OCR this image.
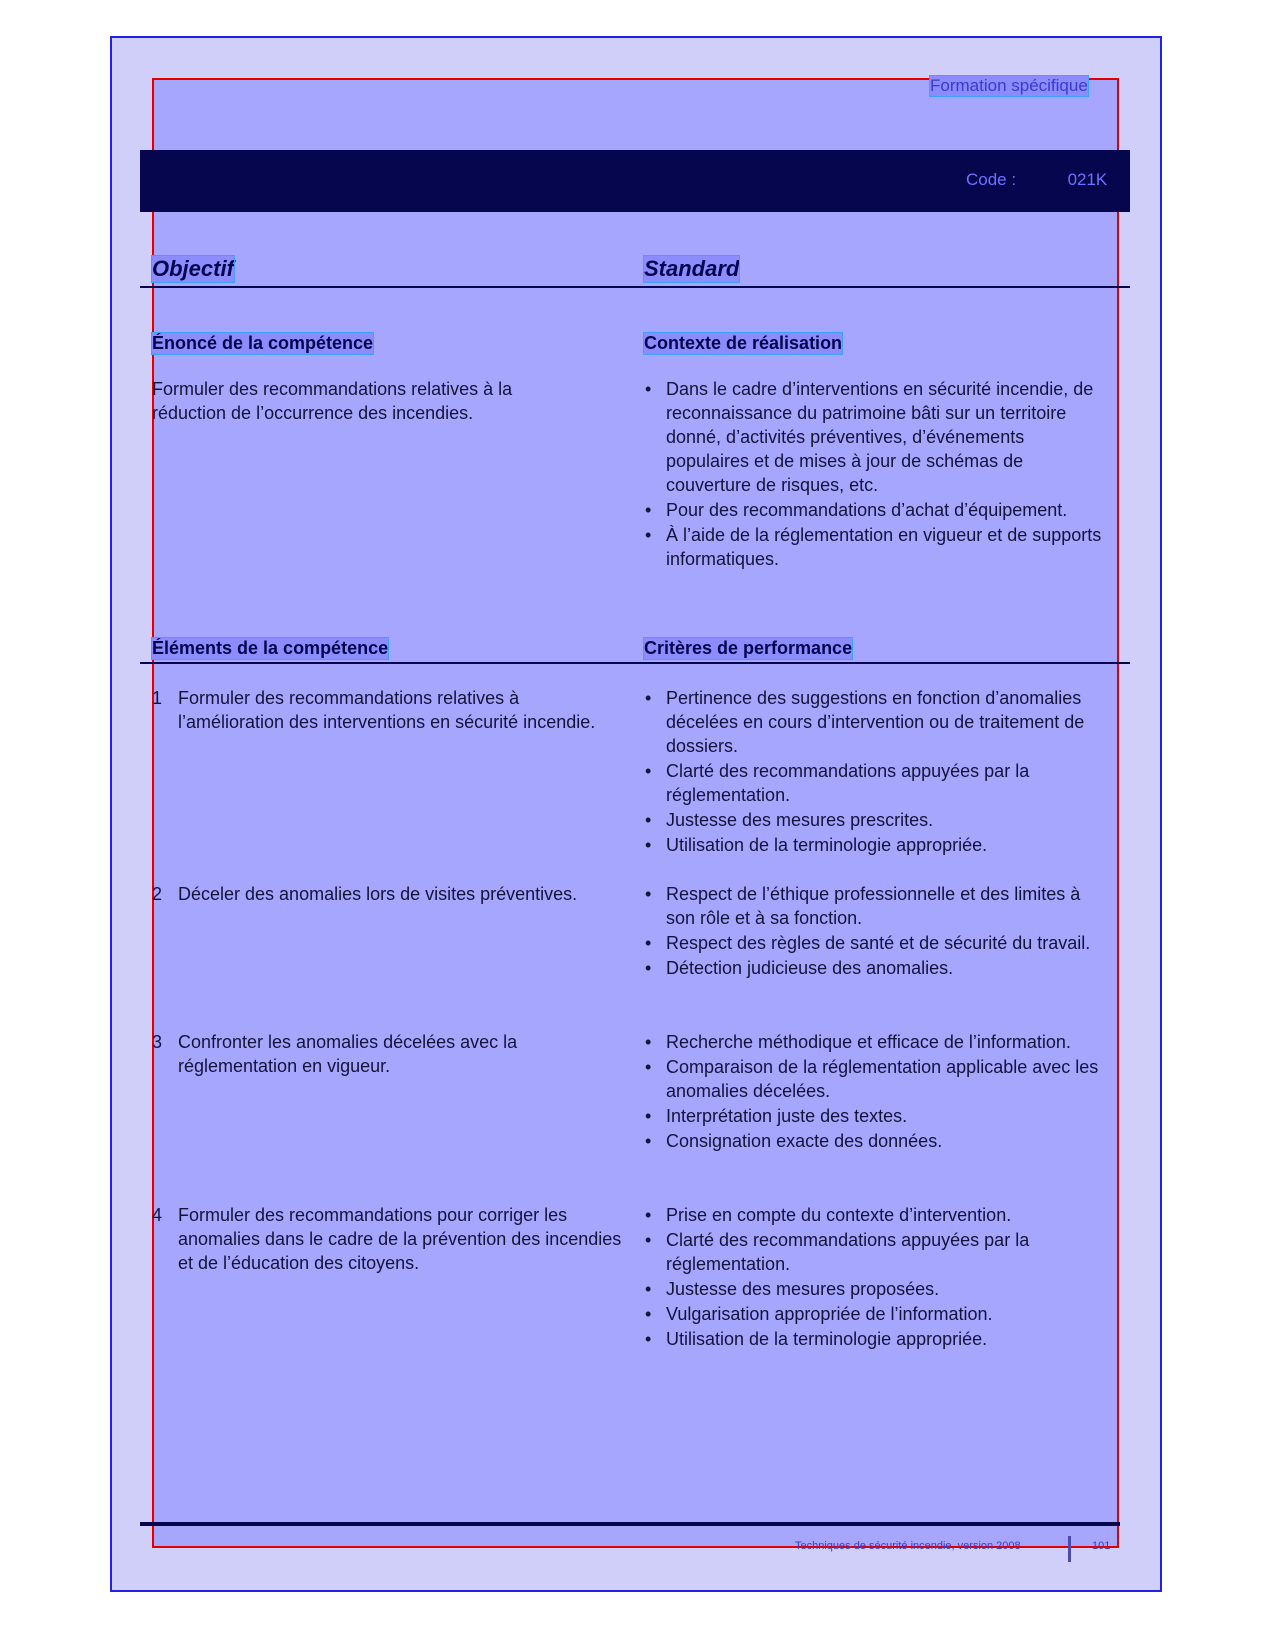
Formation spécifique
Code :	021K
Objectif	Standard
Énoncé de la compétence
Formuler des recommandations relatives à la réduction de l’occurrence des incendies.
Contexte de réalisation
• Dans le cadre d’interventions en sécurité incendie, de reconnaissance du patrimoine bâti sur un territoire donné, d’activités préventives, d’événements populaires et de mises à jour de schémas de couverture de risques, etc.
• Pour des recommandations d’achat d’équipement.
• À l’aide de la réglementation en vigueur et de supports informatiques.
Éléments de la compétence	Critères de performance
1 Formuler des recommandations relatives à l’amélioration des interventions en sécurité incendie.
• Pertinence des suggestions en fonction d’anomalies décelées en cours d’intervention ou de traitement de dossiers.
• Clarté des recommandations appuyées par la réglementation.
• Justesse des mesures prescrites.
• Utilisation de la terminologie appropriée.
2 Déceler des anomalies lors de visites préventives.
•	Respect de l’éthique professionnelle et des limites à son rôle et à sa fonction.
• Respect des règles de santé et de sécurité du travail.
• Détection judicieuse des anomalies.
3 Confronter les anomalies décelées avec la réglementation en vigueur.
• Recherche méthodique et efficace de l’information.
• Comparaison de la réglementation applicable avec les anomalies décelées.
• Interprétation juste des textes.
• Consignation exacte des données.
4 Formuler des recommandations pour corriger les anomalies dans le cadre de la prévention des incendies et de l’éducation des citoyens.
• Prise en compte du contexte d’intervention.
• Clarté des recommandations appuyées par la réglementation.
• Justesse des mesures proposées.
• Vulgarisation appropriée de l’information.
• Utilisation de la terminologie appropriée.
Techniques de sécurité incendie, version 2008	101
